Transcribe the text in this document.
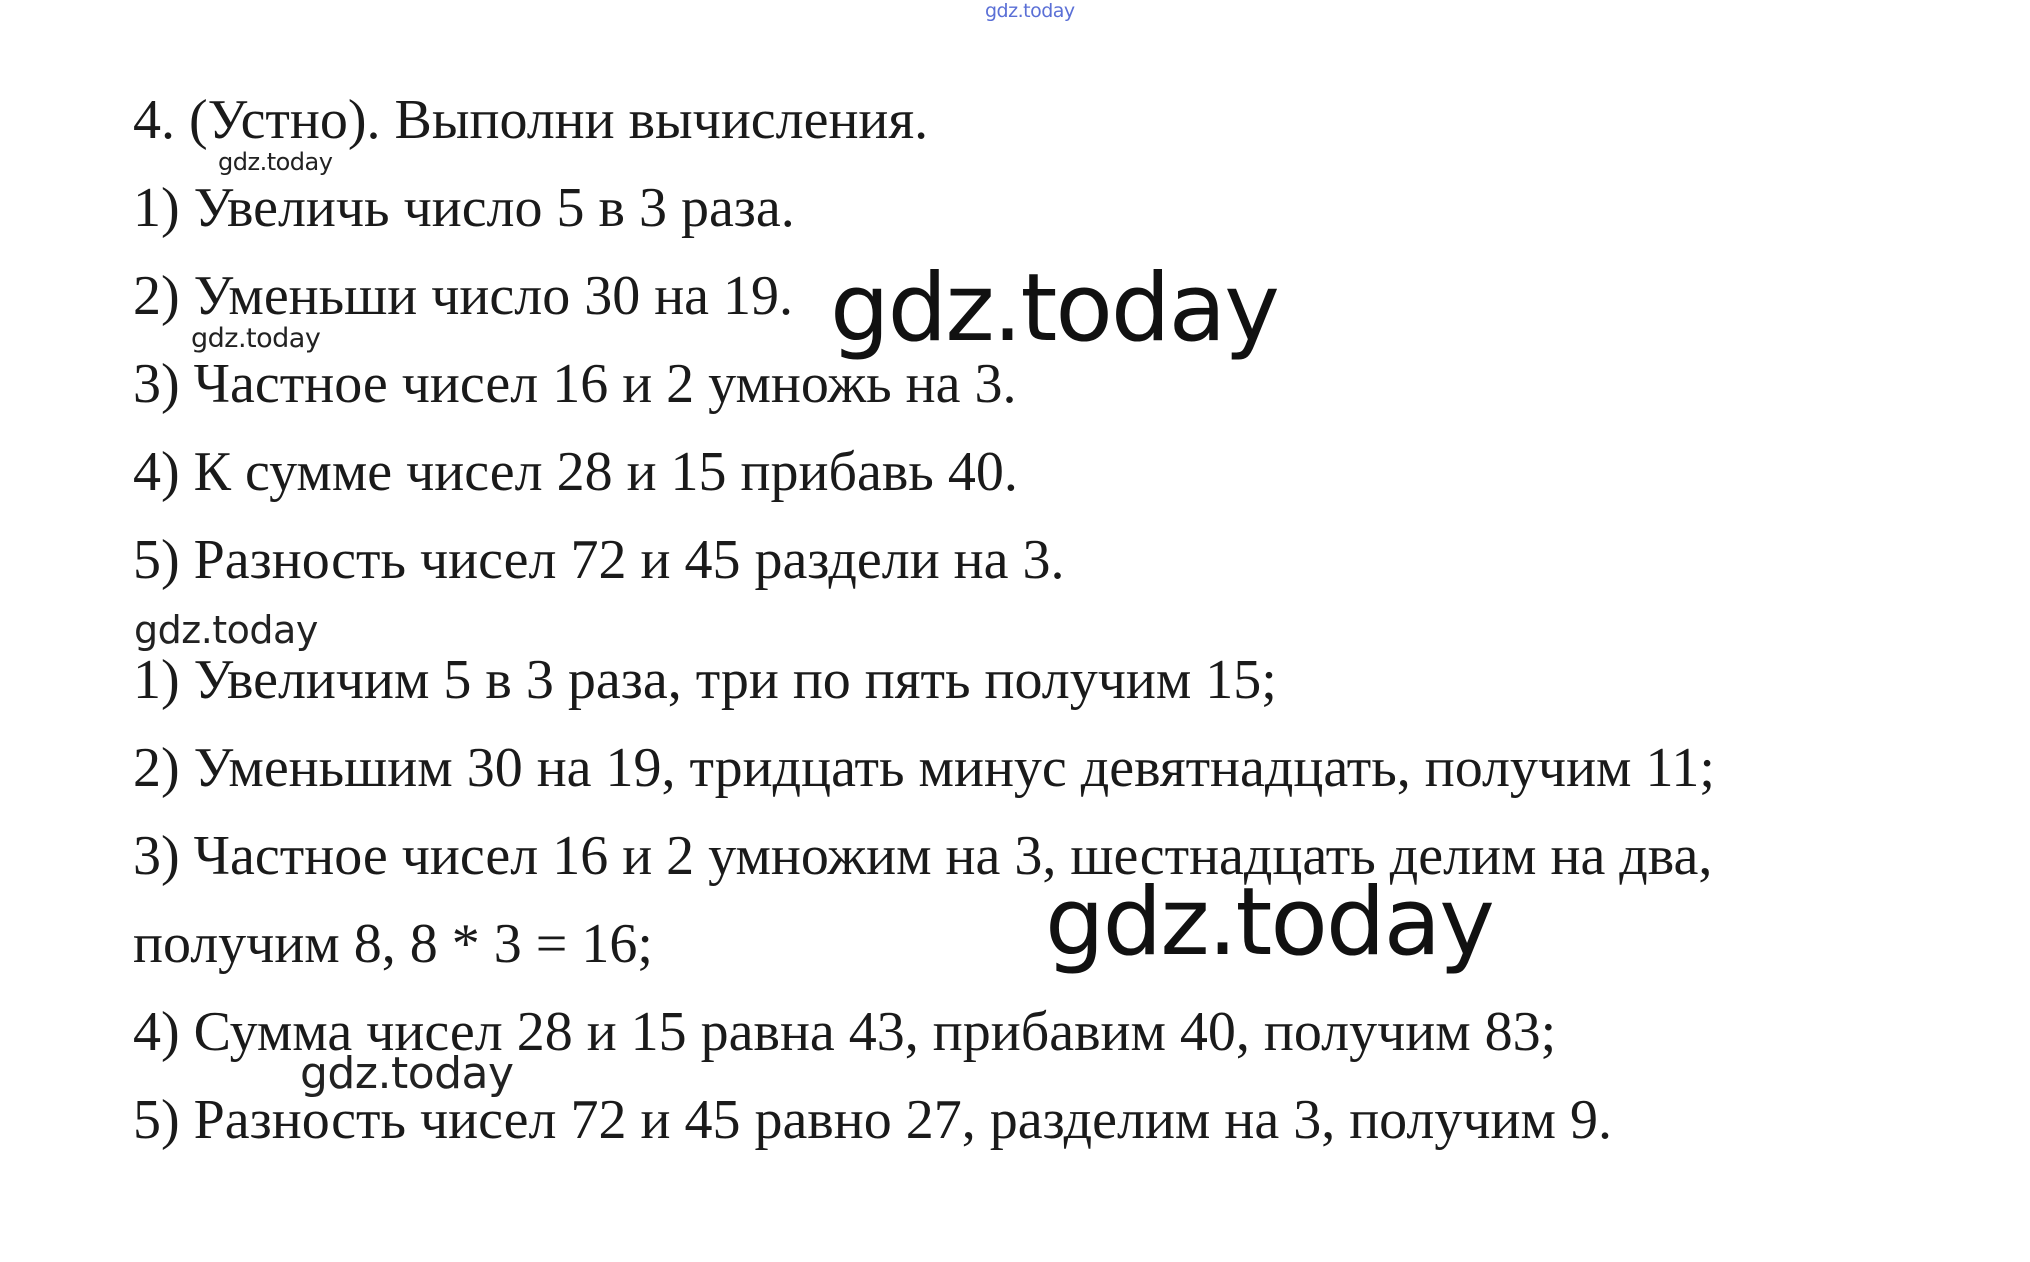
4. (Устно). Выполни вычисления.
1) Увеличь число 5 в 3 раза.
2) Уменьши число 30 на 19.
3) Частное чисел 16 и 2 умножь на 3.
4) К сумме чисел 28 и 15 прибавь 40.
5) Разность чисел 72 и 45 раздели на 3.
1) Увеличим 5 в 3 раза, три по пять получим 15;
2) Уменьшим 30 на 19, тридцать минус девятнадцать, получим 11;
3) Частное чисел 16 и 2 умножим на 3, шестнадцать делим на два,
получим 8, 8 * 3 = 16;
4) Сумма чисел 28 и 15 равна 43, прибавим 40, получим 83;
5) Разность чисел 72 и 45 равно 27, разделим на 3, получим 9.
gdz.today
gdz.today
gdz.today
gdz.today
gdz.today
gdz.today
gdz.today
